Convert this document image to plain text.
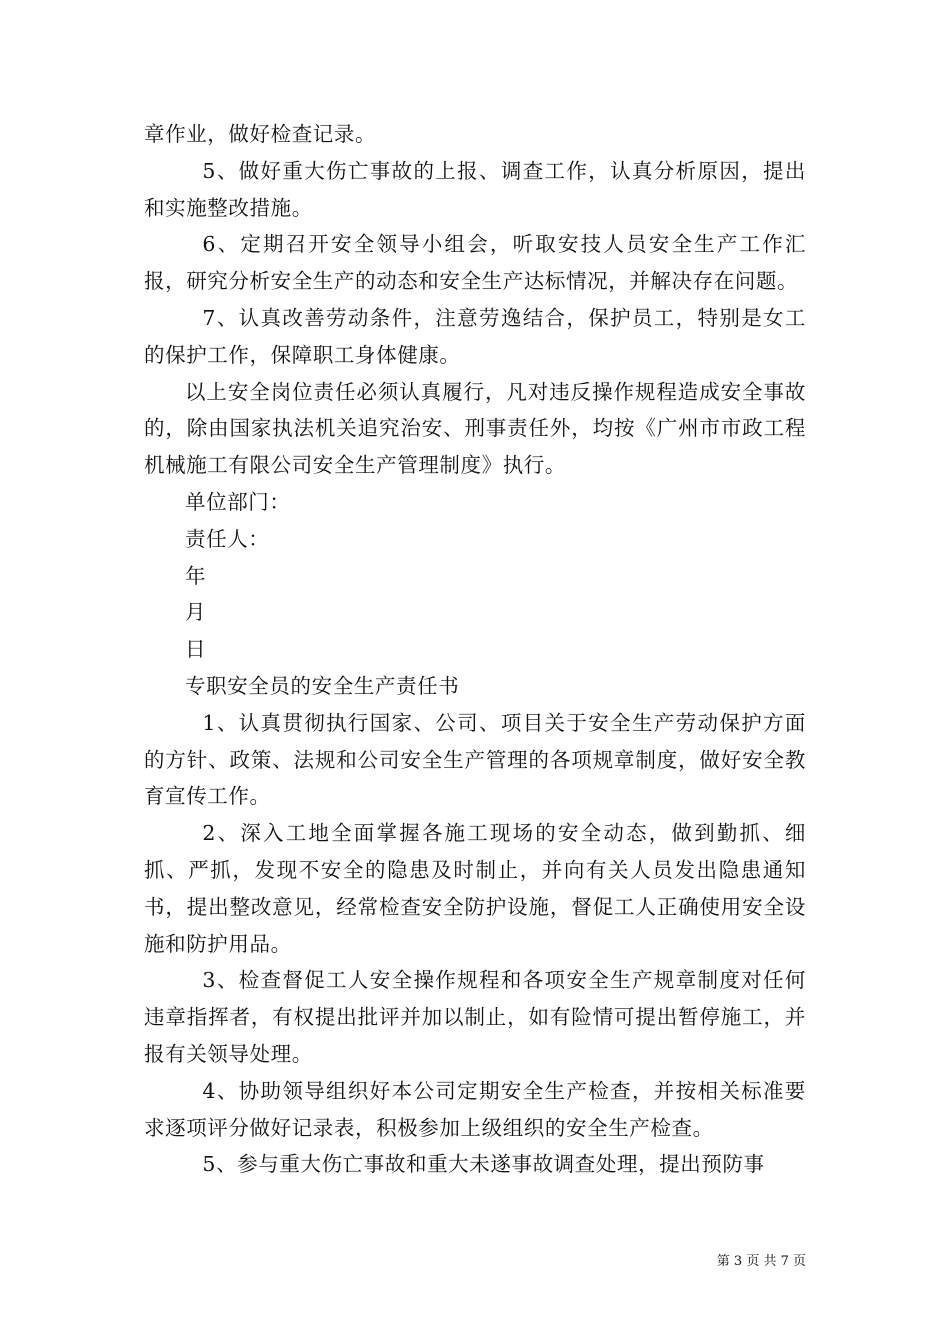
章作业，做好检查记录。

5、做好重大伤亡事故的上报、调查工作，认真分析原因，提出和实施整改措施。

6、定期召开安全领导小组会，听取安技人员安全生产工作汇报，研究分析安全生产的动态和安全生产达标情况，并解决存在问题。

7、认真改善劳动条件，注意劳逸结合，保护员工，特别是女工的保护工作，保障职工身体健康。

以上安全岗位责任必须认真履行，凡对违反操作规程造成安全事故的，除由国家执法机关追究治安、刑事责任外，均按《广州市市政工程机械施工有限公司安全生产管理制度》执行。

单位部门：

责任人：

年

月

日

专职安全员的安全生产责任书

1、认真贯彻执行国家、公司、项目关于安全生产劳动保护方面的方针、政策、法规和公司安全生产管理的各项规章制度，做好安全教育宣传工作。

2、深入工地全面掌握各施工现场的安全动态，做到勤抓、细抓、严抓，发现不安全的隐患及时制止，并向有关人员发出隐患通知书，提出整改意见，经常检查安全防护设施，督促工人正确使用安全设施和防护用品。

3、检查督促工人安全操作规程和各项安全生产规章制度对任何违章指挥者，有权提出批评并加以制止，如有险情可提出暂停施工，并报有关领导处理。

4、协助领导组织好本公司定期安全生产检查，并按相关标准要求逐项评分做好记录表，积极参加上级组织的安全生产检查。

5、参与重大伤亡事故和重大未遂事故调查处理，提出预防事

第 3 页 共 7 页
